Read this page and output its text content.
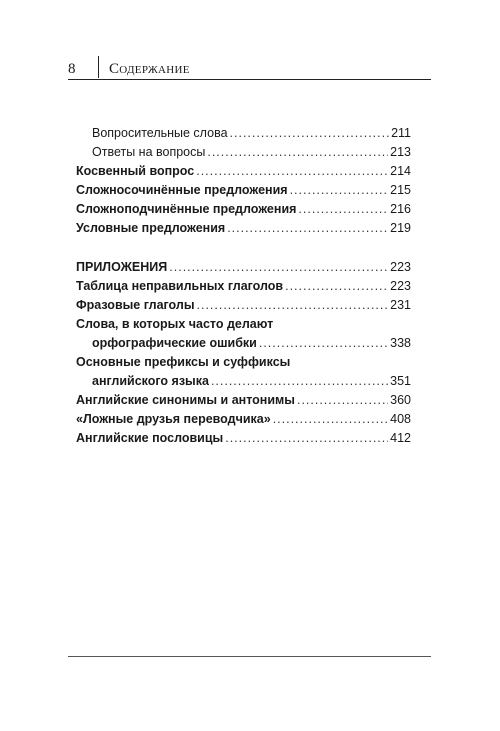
8	Содержание
Вопросительные слова .....	211
Ответы на вопросы .....	213
Косвенный вопрос .....	214
Сложносочинённые предложения .....	215
Сложноподчинённые предложения .....	216
Условные предложения .....	219
ПРИЛОЖЕНИЯ .....	223
Таблица неправильных глаголов .....	223
Фразовые глаголы .....	231
Слова, в которых часто делают
орфографические ошибки .....	338
Основные префиксы и суффиксы
английского языка .....	351
Английские синонимы и антонимы .....	360
«Ложные друзья переводчика» .....	408
Английские пословицы .....	412
